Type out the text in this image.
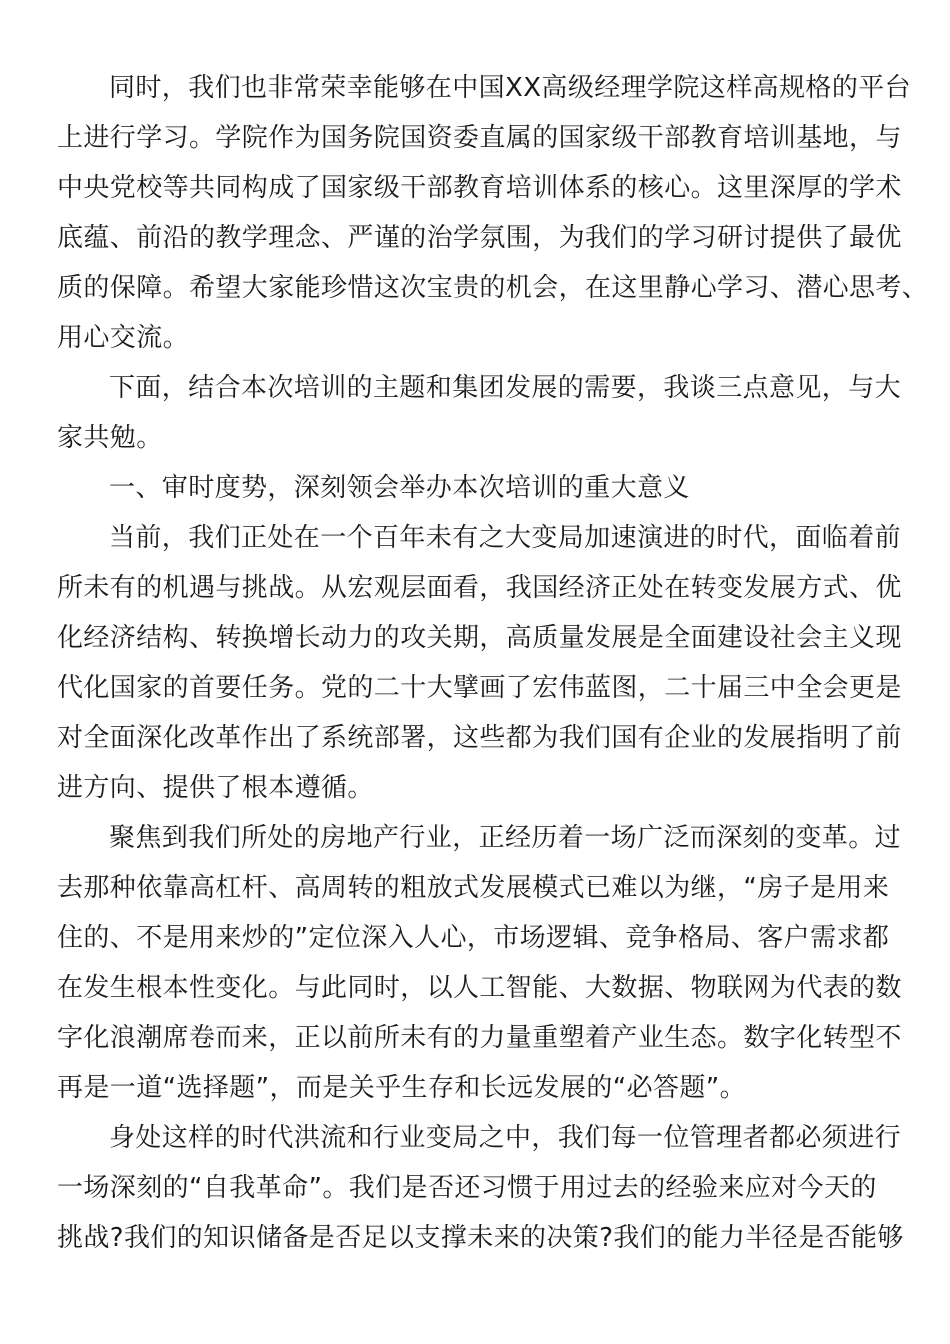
同时，我们也非常荣幸能够在中国XX高级经理学院这样高规格的平台
上进行学习。学院作为国务院国资委直属的国家级干部教育培训基地，与
中央党校等共同构成了国家级干部教育培训体系的核心。这里深厚的学术
底蕴、前沿的教学理念、严谨的治学氛围，为我们的学习研讨提供了最优
质的保障。希望大家能珍惜这次宝贵的机会，在这里静心学习、潜心思考、
用心交流。
下面，结合本次培训的主题和集团发展的需要，我谈三点意见，与大
家共勉。
一、审时度势，深刻领会举办本次培训的重大意义
当前，我们正处在一个百年未有之大变局加速演进的时代，面临着前
所未有的机遇与挑战。从宏观层面看，我国经济正处在转变发展方式、优
化经济结构、转换增长动力的攻关期，高质量发展是全面建设社会主义现
代化国家的首要任务。党的二十大擘画了宏伟蓝图，二十届三中全会更是
对全面深化改革作出了系统部署，这些都为我们国有企业的发展指明了前
进方向、提供了根本遵循。
聚焦到我们所处的房地产行业，正经历着一场广泛而深刻的变革。过
去那种依靠高杠杆、高周转的粗放式发展模式已难以为继，“房子是用来
住的、不是用来炒的”定位深入人心，市场逻辑、竞争格局、客户需求都
在发生根本性变化。与此同时，以人工智能、大数据、物联网为代表的数
字化浪潮席卷而来，正以前所未有的力量重塑着产业生态。数字化转型不
再是一道“选择题”，而是关乎生存和长远发展的“必答题”。
身处这样的时代洪流和行业变局之中，我们每一位管理者都必须进行
一场深刻的“自我革命”。我们是否还习惯于用过去的经验来应对今天的
挑战?我们的知识储备是否足以支撑未来的决策?我们的能力半径是否能够
